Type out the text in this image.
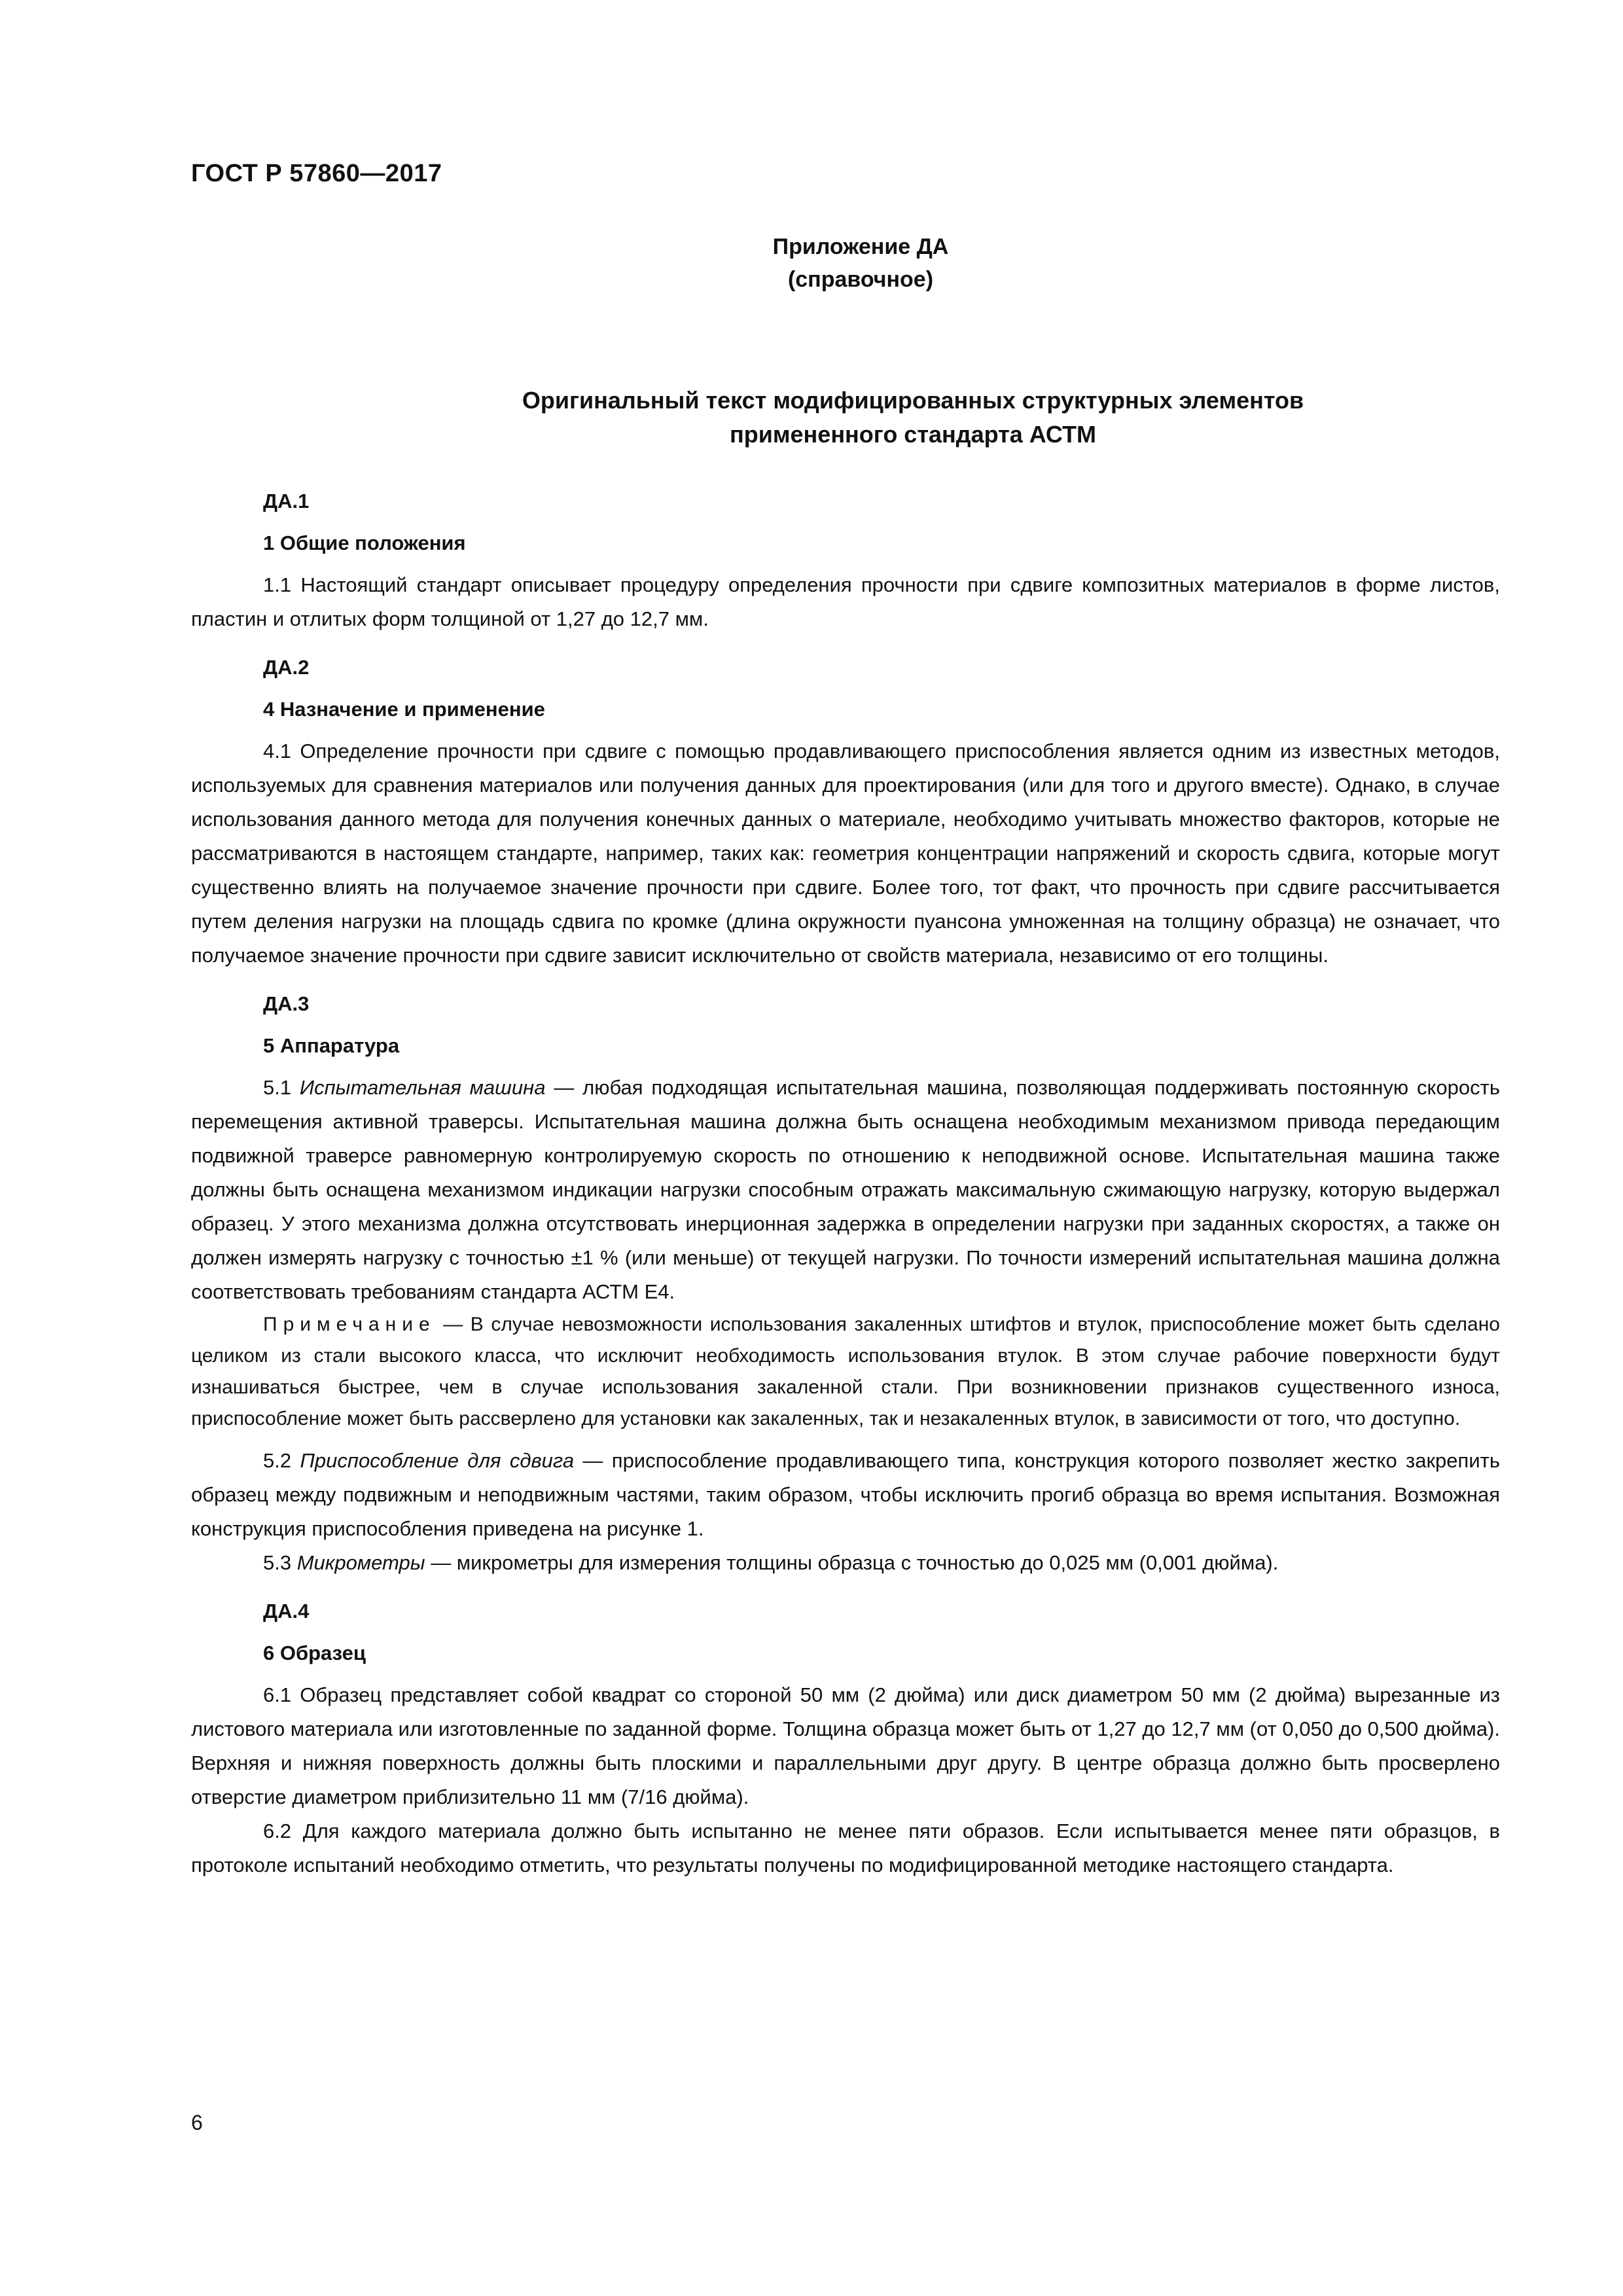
ГОСТ Р 57860—2017
Приложение ДА
(справочное)
Оригинальный текст модифицированных структурных элементов
примененного стандарта АСТМ
ДА.1
1 Общие положения

1.1 Настоящий стандарт описывает процедуру определения прочности при сдвиге композитных материалов в форме листов, пластин и отлитых форм толщиной от 1,27 до 12,7 мм.

ДА.2
4 Назначение и применение

4.1 Определение прочности при сдвиге с помощью продавливающего приспособления является одним из известных методов, используемых для сравнения материалов или получения данных для проектирования (или для того и другого вместе). Однако, в случае использования данного метода для получения конечных данных о материале, необходимо учитывать множество факторов, которые не рассматриваются в настоящем стандарте, например, таких как: геометрия концентрации напряжений и скорость сдвига, которые могут существенно влиять на получаемое значение прочности при сдвиге. Более того, тот факт, что прочность при сдвиге рассчитывается путем деления нагрузки на площадь сдвига по кромке (длина окружности пуансона умноженная на толщину образца) не означает, что получаемое значение прочности при сдвиге зависит исключительно от свойств материала, независимо от его толщины.

ДА.3
5 Аппаратура

5.1 Испытательная машина — любая подходящая испытательная машина, позволяющая поддерживать постоянную скорость перемещения активной траверсы. Испытательная машина должна быть оснащена необходимым механизмом привода передающим подвижной траверсе равномерную контролируемую скорость по отношению к неподвижной основе. Испытательная машина также должны быть оснащена механизмом индикации нагрузки способным отражать максимальную сжимающую нагрузку, которую выдержал образец. У этого механизма должна отсутствовать инерционная задержка в определении нагрузки при заданных скоростях, а также он должен измерять нагрузку с точностью ±1 % (или меньше) от текущей нагрузки. По точности измерений испытательная машина должна соответствовать требованиям стандарта АСТМ Е4.

Примечание — В случае невозможности использования закаленных штифтов и втулок, приспособление может быть сделано целиком из стали высокого класса, что исключит необходимость использования втулок. В этом случае рабочие поверхности будут изнашиваться быстрее, чем в случае использования закаленной стали. При возникновении признаков существенного износа, приспособление может быть рассверлено для установки как закаленных, так и незакаленных втулок, в зависимости от того, что доступно.

5.2 Приспособление для сдвига — приспособление продавливающего типа, конструкция которого позволяет жестко закрепить образец между подвижным и неподвижным частями, таким образом, чтобы исключить прогиб образца во время испытания. Возможная конструкция приспособления приведена на рисунке 1.

5.3 Микрометры — микрометры для измерения толщины образца с точностью до 0,025 мм (0,001 дюйма).

ДА.4
6 Образец

6.1 Образец представляет собой квадрат со стороной 50 мм (2 дюйма) или диск диаметром 50 мм (2 дюйма) вырезанные из листового материала или изготовленные по заданной форме. Толщина образца может быть от 1,27 до 12,7 мм (от 0,050 до 0,500 дюйма). Верхняя и нижняя поверхность должны быть плоскими и параллельными друг другу. В центре образца должно быть просверлено отверстие диаметром приблизительно 11 мм (7/16 дюйма).

6.2 Для каждого материала должно быть испытанно не менее пяти образов. Если испытывается менее пяти образцов, в протоколе испытаний необходимо отметить, что результаты получены по модифицированной методике настоящего стандарта.

6
